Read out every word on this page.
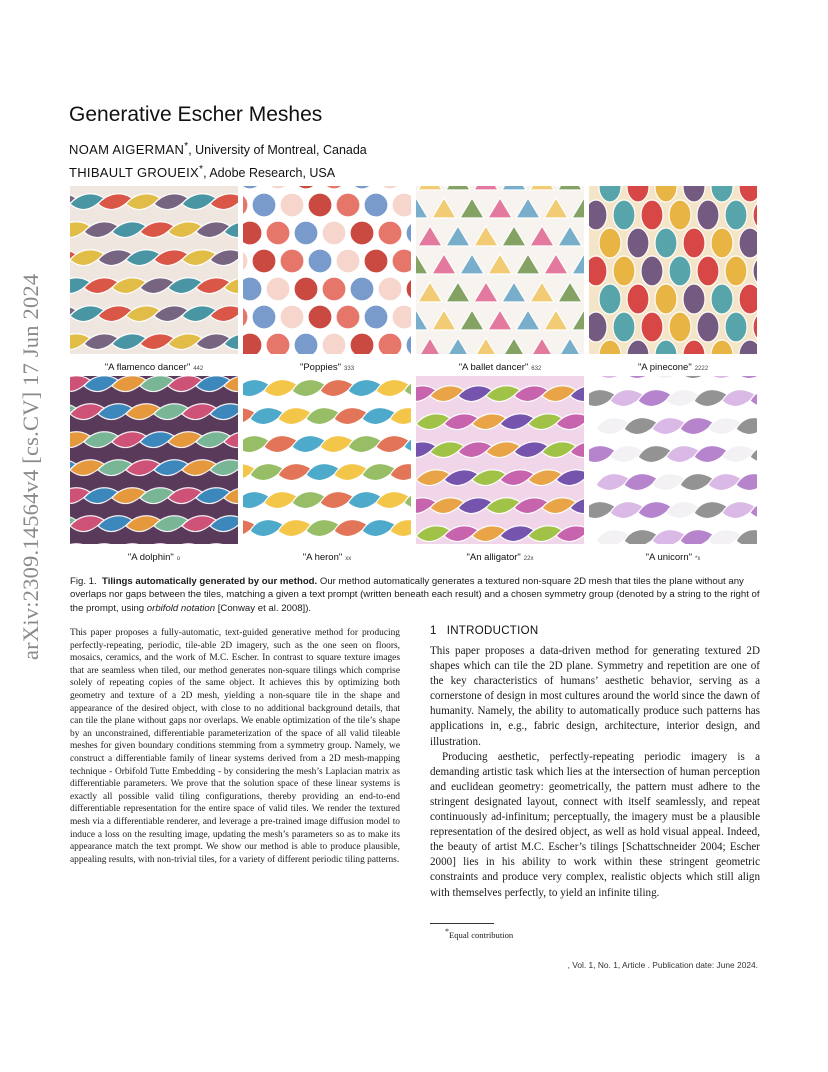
arXiv:2309.14564v4 [cs.CV] 17 Jun 2024
Generative Escher Meshes
NOAM AIGERMAN*, University of Montreal, Canada
THIBAULT GROUEIX*, Adobe Research, USA
"A flamenco dancer" 442	"Poppies" 333	"A ballet dancer" 632	"A pinecone" 2222
"A dolphin" o	"A heron" xx	"An alligator" 22x	"A unicorn" *x
Fig. 1. Tilings automatically generated by our method. Our method automatically generates a textured non-square 2D mesh that tiles the plane without any overlaps nor gaps between the tiles, matching a given a text prompt (written beneath each result) and a chosen symmetry group (denoted by a string to the right of the prompt, using orbifold notation [Conway et al. 2008]).
This paper proposes a fully-automatic, text-guided generative method for producing perfectly-repeating, periodic, tile-able 2D imagery, such as the one seen on floors, mosaics, ceramics, and the work of M.C. Escher. In contrast to square texture images that are seamless when tiled, our method generates non-square tilings which comprise solely of repeating copies of the same object. It achieves this by optimizing both geometry and texture of a 2D mesh, yielding a non-square tile in the shape and appearance of the desired object, with close to no additional background details, that can tile the plane without gaps nor overlaps. We enable optimization of the tile’s shape by an unconstrained, differentiable parameterization of the space of all valid tileable meshes for given boundary conditions stemming from a symmetry group. Namely, we construct a differentiable family of linear systems derived from a 2D mesh-mapping technique - Orbifold Tutte Embedding - by considering the mesh’s Laplacian matrix as differentiable parameters. We prove that the solution space of these linear systems is exactly all possible valid tiling configurations, thereby providing an end-to-end differentiable representation for the entire space of valid tiles. We render the textured mesh via a differentiable renderer, and leverage a pre-trained image diffusion model to induce a loss on the resulting image, updating the mesh’s parameters so as to make its appearance match the text prompt. We show our method is able to produce plausible, appealing results, with non-trivial tiles, for a variety of different periodic tiling patterns.
1 INTRODUCTION

This paper proposes a data-driven method for generating textured 2D shapes which can tile the 2D plane. Symmetry and repetition are one of the key characteristics of humans’ aesthetic behavior, serving as a cornerstone of design in most cultures around the world since the dawn of humanity. Namely, the ability to automatically produce such patterns has applications in, e.g., fabric design, architecture, interior design, and illustration.

Producing aesthetic, perfectly-repeating periodic imagery is a demanding artistic task which lies at the intersection of human perception and euclidean geometry: geometrically, the pattern must adhere to the stringent designated layout, connect with itself seamlessly, and repeat continuously ad-infinitum; perceptually, the imagery must be a plausible representation of the desired object, as well as hold visual appeal. Indeed, the beauty of artist M.C. Escher’s tilings [Schattschneider 2004; Escher 2000] lies in his ability to work within these stringent geometric constraints and produce very complex, realistic objects which still align with themselves perfectly, to yield an infinite tiling.

*Equal contribution
, Vol. 1, No. 1, Article . Publication date: June 2024.
